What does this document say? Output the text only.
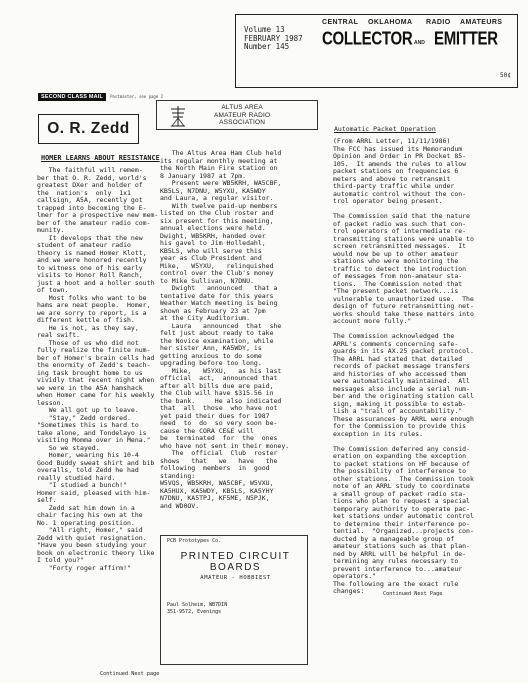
Volume 13
FEBRUARY 1987
Number 145
CENTRAL OKLAHOMA RADIO AMATEURS
COLLECTOR AND EMITTER
50¢
SECOND CLASS MAIL Postmaster, see page 2
O. R. Zedd
HOMER LEARNS ABOUT RESISTANCE
The faithful will remem-
ber that O. R. Zedd, world's
greatest DXer and holder of
the  nation's  only  1x1
callsign, A5A, recently got
trapped into becoming the E-
lmer for a prospective new mem-
ber of the amateur radio com-
munity.
It develops that the new
student of amateur radio
theory is named Homer Klott,
and we were honored recently
to witness one of his early
visits to Honor Roll Ranch,
just a hoot and a holler south
of town.
Most folks who want to be
hams are neat people.  Homer,
we are sorry to report, is a
different kettle of fish.
He is not, as they say,
real swift.
Those of us who did not
fully realize the finite num-
ber of Homer's brain cells had
the enormity of Zedd's teach-
ing task brought home to us
vividly that recent night when
we were in the A5A hamshack
when Homer came for his weekly
lesson.
We all got up to leave.
"Stay," Zedd ordered.
"Sometimes this is hard to
take alone, and Tondelayo is
visiting Momma over in Mena."
So we stayed.
Homer, wearing his 10-4
Good Buddy sweat shirt and bib
overalls, told Zedd he had
really studied hard.
"I studied a bunch!"
Homer said, pleased with him-
self.
Zedd sat him down in a
chair facing his own at the
No. 1 operating position.
"All right, Homer," said
Zedd with quiet resignation.
"Have you been studying your
book on electronic theory like
I told you?"
"Forty roger affirm!"
Continued Next page
ALTUS AREA
AMATEUR RADIO
ASSOCIATION
The Altus Area Ham Club held
its regular monthly meeting at
the North Main Fire station on
8 January 1987 at 7pm.
Present were WB5KRH, WA5CBF,
KB5LS, N7DNU, W5YXU, KA5WDY
and Laura, a regular visitor.
With twelve paid-up members
listed on the Club roster and
six present for this meeting,
annual elections were held.
Dwight, WB5KRH, handed over
his gavel to Jim Holledahl,
KB5LS, who will serve this
year as Club President and
Mike,   W5YXU,   relinquished
control over the Club's money
to Mike Sullivan, N7DNU.
Dwight   announced   that a
tentative date for this years
Weather Watch meeting is being
shown as February 23 at 7pm
at the City Auditorium.
Laura   announced  that  she
felt just about ready to take
the Novice examination, while
her sister Ann, KA5WDY, is
getting anxious to do some
upgrading before too long.
Mike,   W5YXU,   as his last
official  act,  announced that
after all bills due are paid,
the Club will have $315.56 in
the bank.     He also indicated
that  all  those  who have not
yet paid their dues for 1987
need  to  do  so very soon be-
cause the CORA CE&E will
be  terminated  for  the  ones
who have not sent in their money.
The  official  Club  roster
shows   that   we   have   the
following  members  in  good
standing:
W5VQS, WB5KRH, WA5CBF, W5VXU,
KA5HUX, KA5WDY, KB5LS, KA5YHY
N7DNU, KA5TPJ, KF5ME, N5PJK,
and WD0OV.
PCB Prototypes Co.
PRINTED CIRCUIT
BOARDS
AMATEUR - HOBBIEST
Paul Solheim, WB7DIN
351-9572, Evenings
Automatic Packet Operation
(From ARRL Letter, 11/11/1986)
The FCC has issued its Memorandum
Opinion and Order in PR Docket 85-
105.  It amends the rules to allow
packet stations on frequencies 6
meters and above to retransmit
third-party traffic while under
automatic control without the con-
trol operator being present.
The Commission said that the nature
of packet radio was such that con-
trol operators of intermediate re-
transmitting stations were unable to
screen retransmitted messages.  It
would now be up to other amateur
stations who were monitoring the
traffic to detect the introduction
of messages from non-amateur sta-
tions.  The Commission noted that
"The present packet network...is
vulnerable to unauthorized use.  The
design of future retransmitting net-
works should take these matters into
account more fully."
The Commission acknowledged the
ARRL's comments concerning safe-
guards in its AX.25 packet protocol.
The ARRL had stated that detailed
records of packet message transfers
and histories of who accessed them
were automatically maintained.  All
messages also include a serial num-
ber and the originating station call
sign, making it possible to estab-
lish a "trail of accountability."
These assurances by ARRL were enough
for the Commission to provide this
exception in its rules.
The Commission deferred any consid-
eration on expanding the exception
to packet stations on HF because of
the possibility of interference to
other stations.  The Commission took
note of an ARRL study to coordinate
a small group of packet radio sta-
tions who plan to request a special
temporary authority to operate pac-
ket stations under automatic control
to determine their interference po-
tential.  "Organized...projects con-
ducted by a manageable group of
amateur stations such as that plan-
ned by ARRL will be helpful in de-
termining any rules necessary to
prevent interference to...amateur
operators."
The following are the exact rule
changes:	Continued Next Page
